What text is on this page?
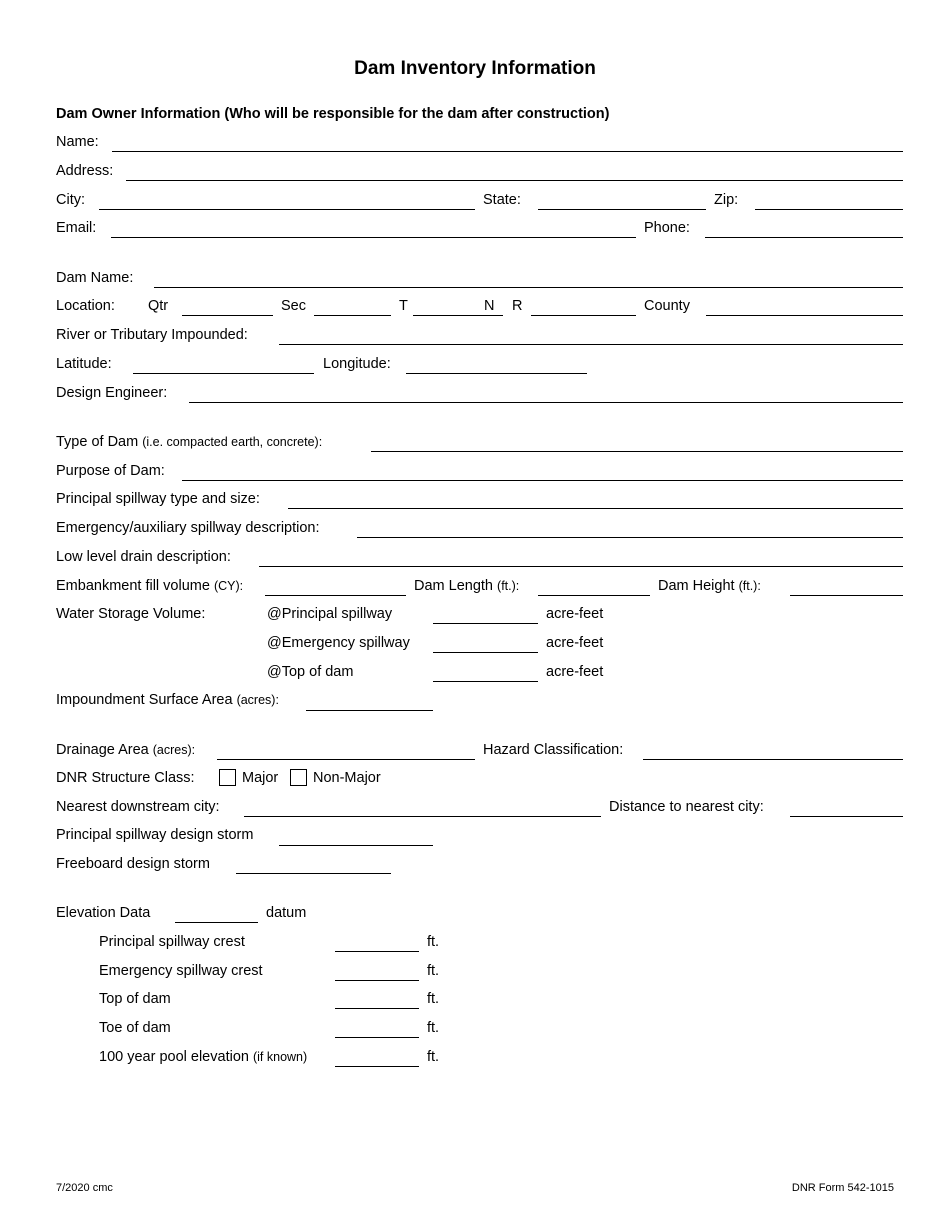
Dam Inventory Information
Dam Owner Information (Who will be responsible for the dam after construction)
Name:
Address:
City:	State:	Zip:
Email:	Phone:
Dam Name:
Location: Qtr	Sec	T	N R	County
River or Tributary Impounded:
Latitude:	Longitude:
Design Engineer:
Type of Dam (i.e. compacted earth, concrete):
Purpose of Dam:
Principal spillway type and size:
Emergency/auxiliary spillway description:
Low level drain description:
Embankment fill volume (CY):	Dam Length (ft.):	Dam Height (ft.):
Water Storage Volume:	@Principal spillway	acre-feet
@Emergency spillway	acre-feet
@Top of dam	acre-feet
Impoundment Surface Area (acres):
Drainage Area (acres):	Hazard Classification:
DNR Structure Class:	Major Non-Major
Nearest downstream city:	Distance to nearest city:
Principal spillway design storm
Freeboard design storm
Elevation Data	datum
Principal spillway crest	ft.
Emergency spillway crest	ft.
Top of dam	ft.
Toe of dam	ft.
100 year pool elevation (if known)	ft.
7/2020 cmc	DNR Form 542-1015
